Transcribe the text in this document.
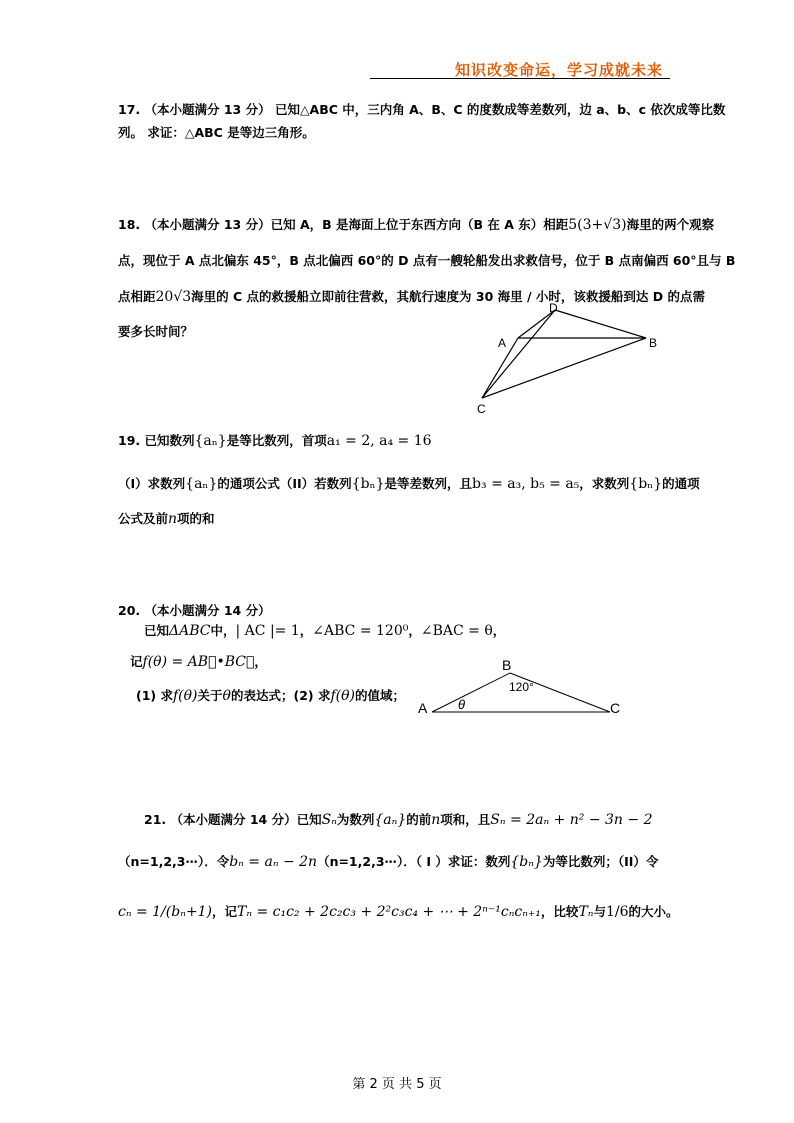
知识改变命运，学习成就未来
17. （本小题满分 13 分） 已知△ABC 中，三内角 A、B、C 的度数成等差数列，边 a、b、c 依次成等比数
列。 求证：△ABC 是等边三角形。
18. （本小题满分 13 分）已知 A，B 是海面上位于东西方向（B 在 A 东）相距5(3+√3)海里的两个观察
点，现位于 A 点北偏东 45°，B 点北偏西 60°的 D 点有一艘轮船发出求救信号，位于 B 点南偏西 60°且与 B
点相距20√3海里的 C 点的救援船立即前往营救，其航行速度为 30 海里 / 小时，该救援船到达 D 的点需
要多长时间？
D
A	B
C
19. 已知数列{aₙ}是等比数列，首项a₁ = 2, a₄ = 16
（I）求数列{aₙ}的通项公式（II）若数列{bₙ}是等差数列，且b₃ = a₃, b₅ = a₅，求数列{bₙ}的通项
公式及前n项的和
20. （本小题满分 14 分）
已知ΔABC中，| AC |= 1，∠ABC = 120⁰，∠BAC = θ，
记f(θ) = AB⃗•BC⃗，
(1) 求f(θ)关于θ的表达式；(2) 求f(θ)的值域；
B
120°
A θ	C
21. （本小题满分 14 分）已知Sₙ为数列{aₙ}的前n项和，且Sₙ = 2aₙ + n² − 3n − 2
（n=1,2,3⋯）．令bₙ = aₙ − 2n（n=1,2,3⋯）．（ I ）求证：数列{bₙ}为等比数列；（II）令
cₙ = 1/(bₙ+1)，记Tₙ = c₁c₂ + 2c₂c₃ + 2²c₃c₄ + ⋯ + 2ⁿ⁻¹cₙcₙ₊₁，比较Tₙ与1/6的大小。
第 2 页 共 5 页
